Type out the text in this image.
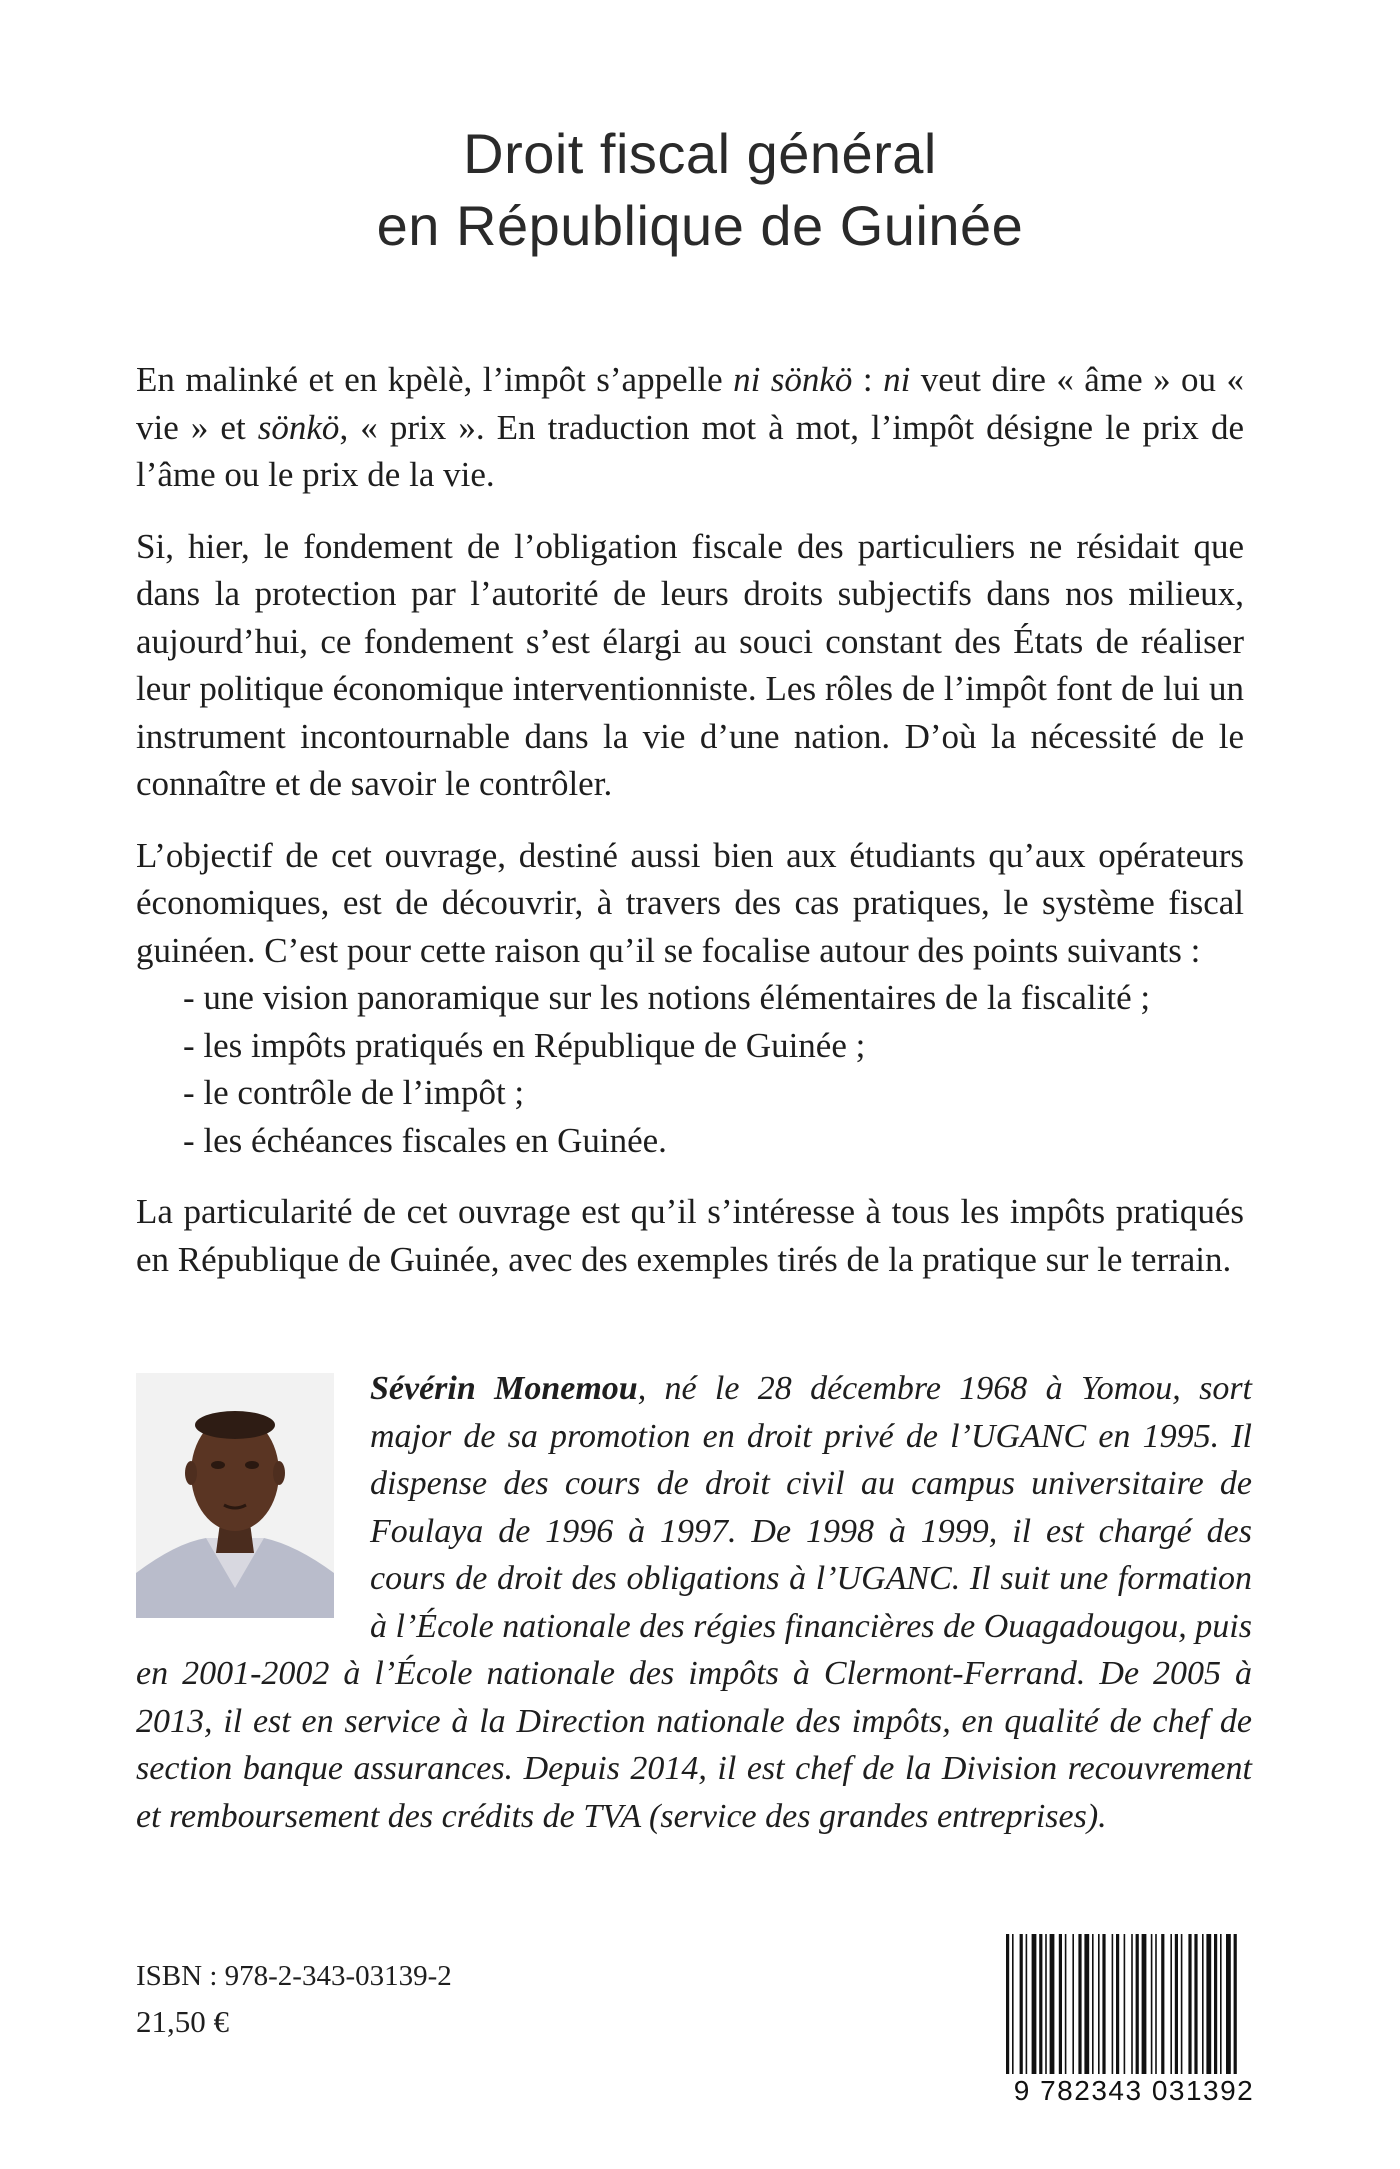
Droit fiscal général
en République de Guinée

En malinké et en kpèlè, l’impôt s’appelle ni sönkö : ni veut dire « âme » ou « vie » et sönkö, « prix ». En traduction mot à mot, l’impôt désigne le prix de l’âme ou le prix de la vie.

Si, hier, le fondement de l’obligation fiscale des particuliers ne résidait que dans la protection par l’autorité de leurs droits subjectifs dans nos milieux, aujourd’hui, ce fondement s’est élargi au souci constant des États de réaliser leur politique économique interventionniste. Les rôles de l’impôt font de lui un instrument incontournable dans la vie d’une nation. D’où la nécessité de le connaître et de savoir le contrôler.

L’objectif de cet ouvrage, destiné aussi bien aux étudiants qu’aux opérateurs économiques, est de découvrir, à travers des cas pratiques, le système fiscal guinéen. C’est pour cette raison qu’il se focalise autour des points suivants :

- une vision panoramique sur les notions élémentaires de la fiscalité ;
- les impôts pratiqués en République de Guinée ;
- le contrôle de l’impôt ;
- les échéances fiscales en Guinée.

La particularité de cet ouvrage est qu’il s’intéresse à tous les impôts pratiqués en République de Guinée, avec des exemples tirés de la pratique sur le terrain.

Sévérin Monemou, né le 28 décembre 1968 à Yomou, sort major de sa promotion en droit privé de l’UGANC en 1995. Il dispense des cours de droit civil au campus universitaire de Foulaya de 1996 à 1997. De 1998 à 1999, il est chargé des cours de droit des obligations à l’UGANC. Il suit une formation à l’École nationale des régies financières de Ouagadougou, puis en 2001-2002 à l’École nationale des impôts à Clermont-Ferrand. De 2005 à 2013, il est en service à la Direction nationale des impôts, en qualité de chef de section banque assurances. Depuis 2014, il est chef de la Division recouvrement et remboursement des crédits de TVA (service des grandes entreprises).
ISBN : 978-2-343-03139-2
21,50 €
9 782343 031392
